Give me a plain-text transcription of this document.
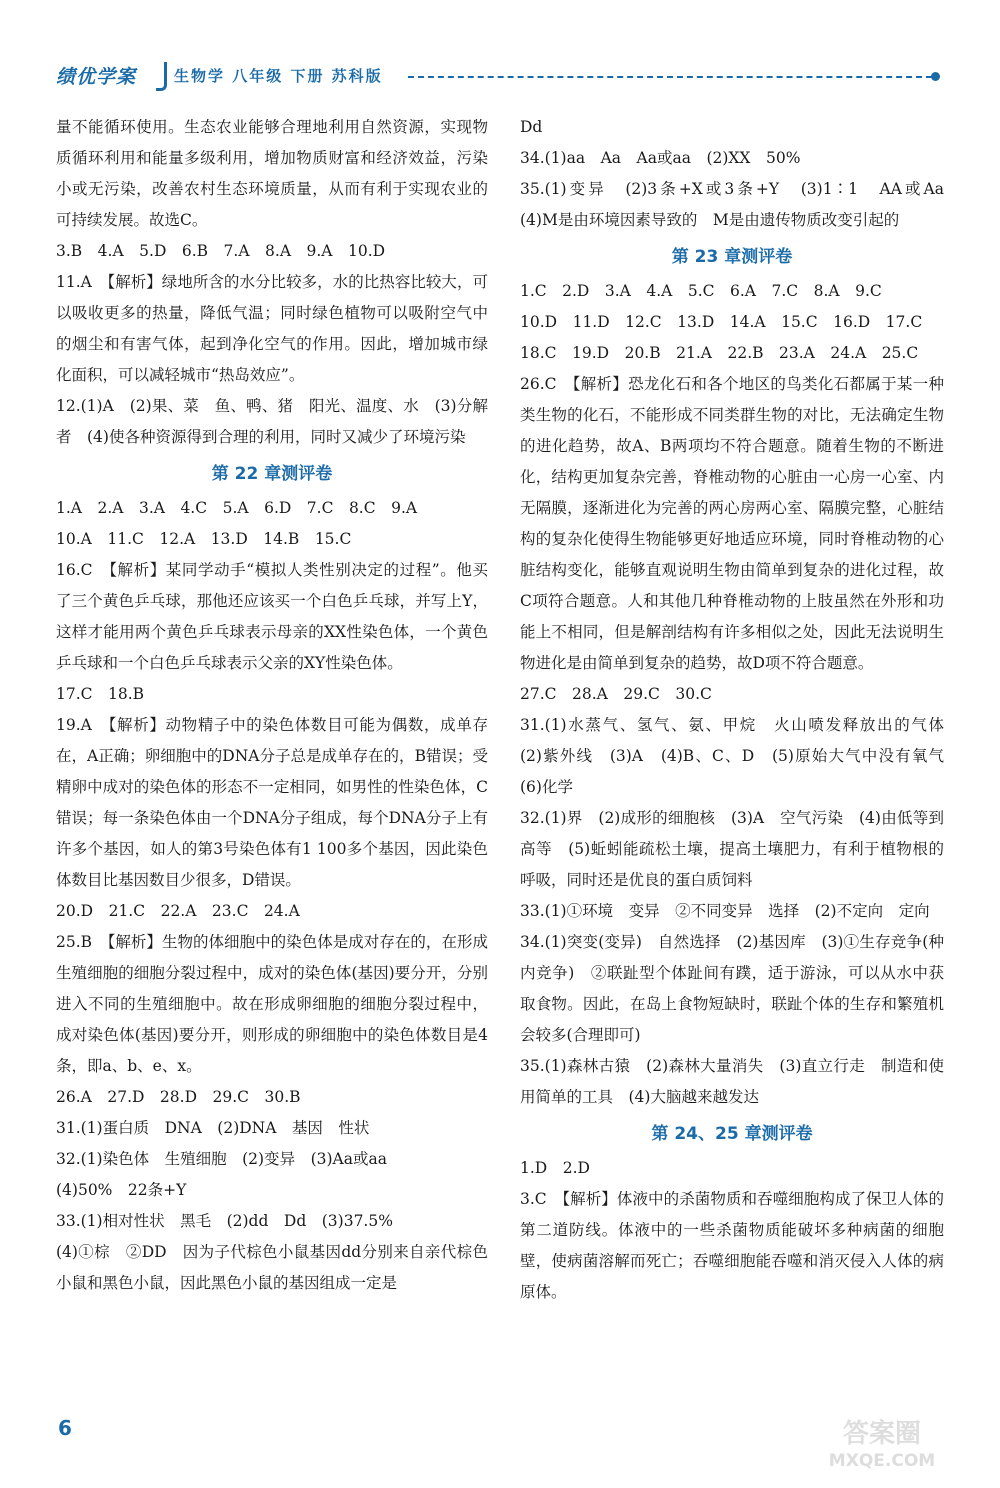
绩优学案	生物学 八年级 下册 苏科版

量不能循环使用。生态农业能够合理地利用自然资源，实现物质循环利用和能量多级利用，增加物质财富和经济效益，污染小或无污染，改善农村生态环境质量，从而有利于实现农业的可持续发展。故选C。

3.B　4.A　5.D　6.B　7.A　8.A　9.A　10.D

11.A　【解析】绿地所含的水分比较多，水的比热容比较大，可以吸收更多的热量，降低气温；同时绿色植物可以吸附空气中的烟尘和有害气体，起到净化空气的作用。因此，增加城市绿化面积，可以减轻城市“热岛效应”。

12.(1)A　(2)果、菜　鱼、鸭、猪　阳光、温度、水　(3)分解者　(4)使各种资源得到合理的利用，同时又减少了环境污染

第 22 章测评卷

1.A　2.A　3.A　4.C　5.A　6.D　7.C　8.C　9.A

10.A　11.C　12.A　13.D　14.B　15.C

16.C　【解析】某同学动手“模拟人类性别决定的过程”。他买了三个黄色乒乓球，那他还应该买一个白色乒乓球，并写上Y，这样才能用两个黄色乒乓球表示母亲的XX性染色体，一个黄色乒乓球和一个白色乒乓球表示父亲的XY性染色体。

17.C　18.B

19.A　【解析】动物精子中的染色体数目可能为偶数，成单存在，A正确；卵细胞中的DNA分子总是成单存在的，B错误；受精卵中成对的染色体的形态不一定相同，如男性的性染色体，C错误；每一条染色体由一个DNA分子组成，每个DNA分子上有许多个基因，如人的第3号染色体有1 100多个基因，因此染色体数目比基因数目少很多，D错误。

20.D　21.C　22.A　23.C　24.A

25.B　【解析】生物的体细胞中的染色体是成对存在的，在形成生殖细胞的细胞分裂过程中，成对的染色体(基因)要分开，分别进入不同的生殖细胞中。故在形成卵细胞的细胞分裂过程中，成对染色体(基因)要分开，则形成的卵细胞中的染色体数目是4条，即a、b、e、x。

26.A　27.D　28.D　29.C　30.B

31.(1)蛋白质　DNA　(2)DNA　基因　性状

32.(1)染色体　生殖细胞　(2)变异　(3)Aa或aa

(4)50%　22条+Y

33.(1)相对性状　黑毛　(2)dd　Dd　(3)37.5%

(4)①棕　②DD　因为子代棕色小鼠基因dd分别来自亲代棕色小鼠和黑色小鼠，因此黑色小鼠的基因组成一定是

Dd

34.(1)aa　Aa　Aa或aa　(2)XX　50%

35.(1)变异　(2)3条+X或3条+Y　(3)1∶1　AA或Aa　(4)M是由环境因素导致的　M是由遗传物质改变引起的

第 23 章测评卷

1.C　2.D　3.A　4.A　5.C　6.A　7.C　8.A　9.C

10.D　11.D　12.C　13.D　14.A　15.C　16.D　17.C

18.C　19.D　20.B　21.A　22.B　23.A　24.A　25.C

26.C　【解析】恐龙化石和各个地区的鸟类化石都属于某一种类生物的化石，不能形成不同类群生物的对比，无法确定生物的进化趋势，故A、B两项均不符合题意。随着生物的不断进化，结构更加复杂完善，脊椎动物的心脏由一心房一心室、内无隔膜，逐渐进化为完善的两心房两心室、隔膜完整，心脏结构的复杂化使得生物能够更好地适应环境，同时脊椎动物的心脏结构变化，能够直观说明生物由简单到复杂的进化过程，故C项符合题意。人和其他几种脊椎动物的上肢虽然在外形和功能上不相同，但是解剖结构有许多相似之处，因此无法说明生物进化是由简单到复杂的趋势，故D项不符合题意。

27.C　28.A　29.C　30.C

31.(1)水蒸气、氢气、氨、甲烷　火山喷发释放出的气体　(2)紫外线　(3)A　(4)B、C、D　(5)原始大气中没有氧气　(6)化学

32.(1)界　(2)成形的细胞核　(3)A　空气污染　(4)由低等到高等　(5)蚯蚓能疏松土壤，提高土壤肥力，有利于植物根的呼吸，同时还是优良的蛋白质饲料

33.(1)①环境　变异　②不同变异　选择　(2)不定向　定向

34.(1)突变(变异)　自然选择　(2)基因库　(3)①生存竞争(种内竞争)　②联趾型个体趾间有蹼，适于游泳，可以从水中获取食物。因此，在岛上食物短缺时，联趾个体的生存和繁殖机会较多(合理即可)

35.(1)森林古猿　(2)森林大量消失　(3)直立行走　制造和使用简单的工具　(4)大脑越来越发达

第 24、25 章测评卷

1.D　2.D

3.C　【解析】体液中的杀菌物质和吞噬细胞构成了保卫人体的第二道防线。体液中的一些杀菌物质能破坏多种病菌的细胞壁，使病菌溶解而死亡；吞噬细胞能吞噬和消灭侵入人体的病原体。

6	答案圈
MXQE.COM
